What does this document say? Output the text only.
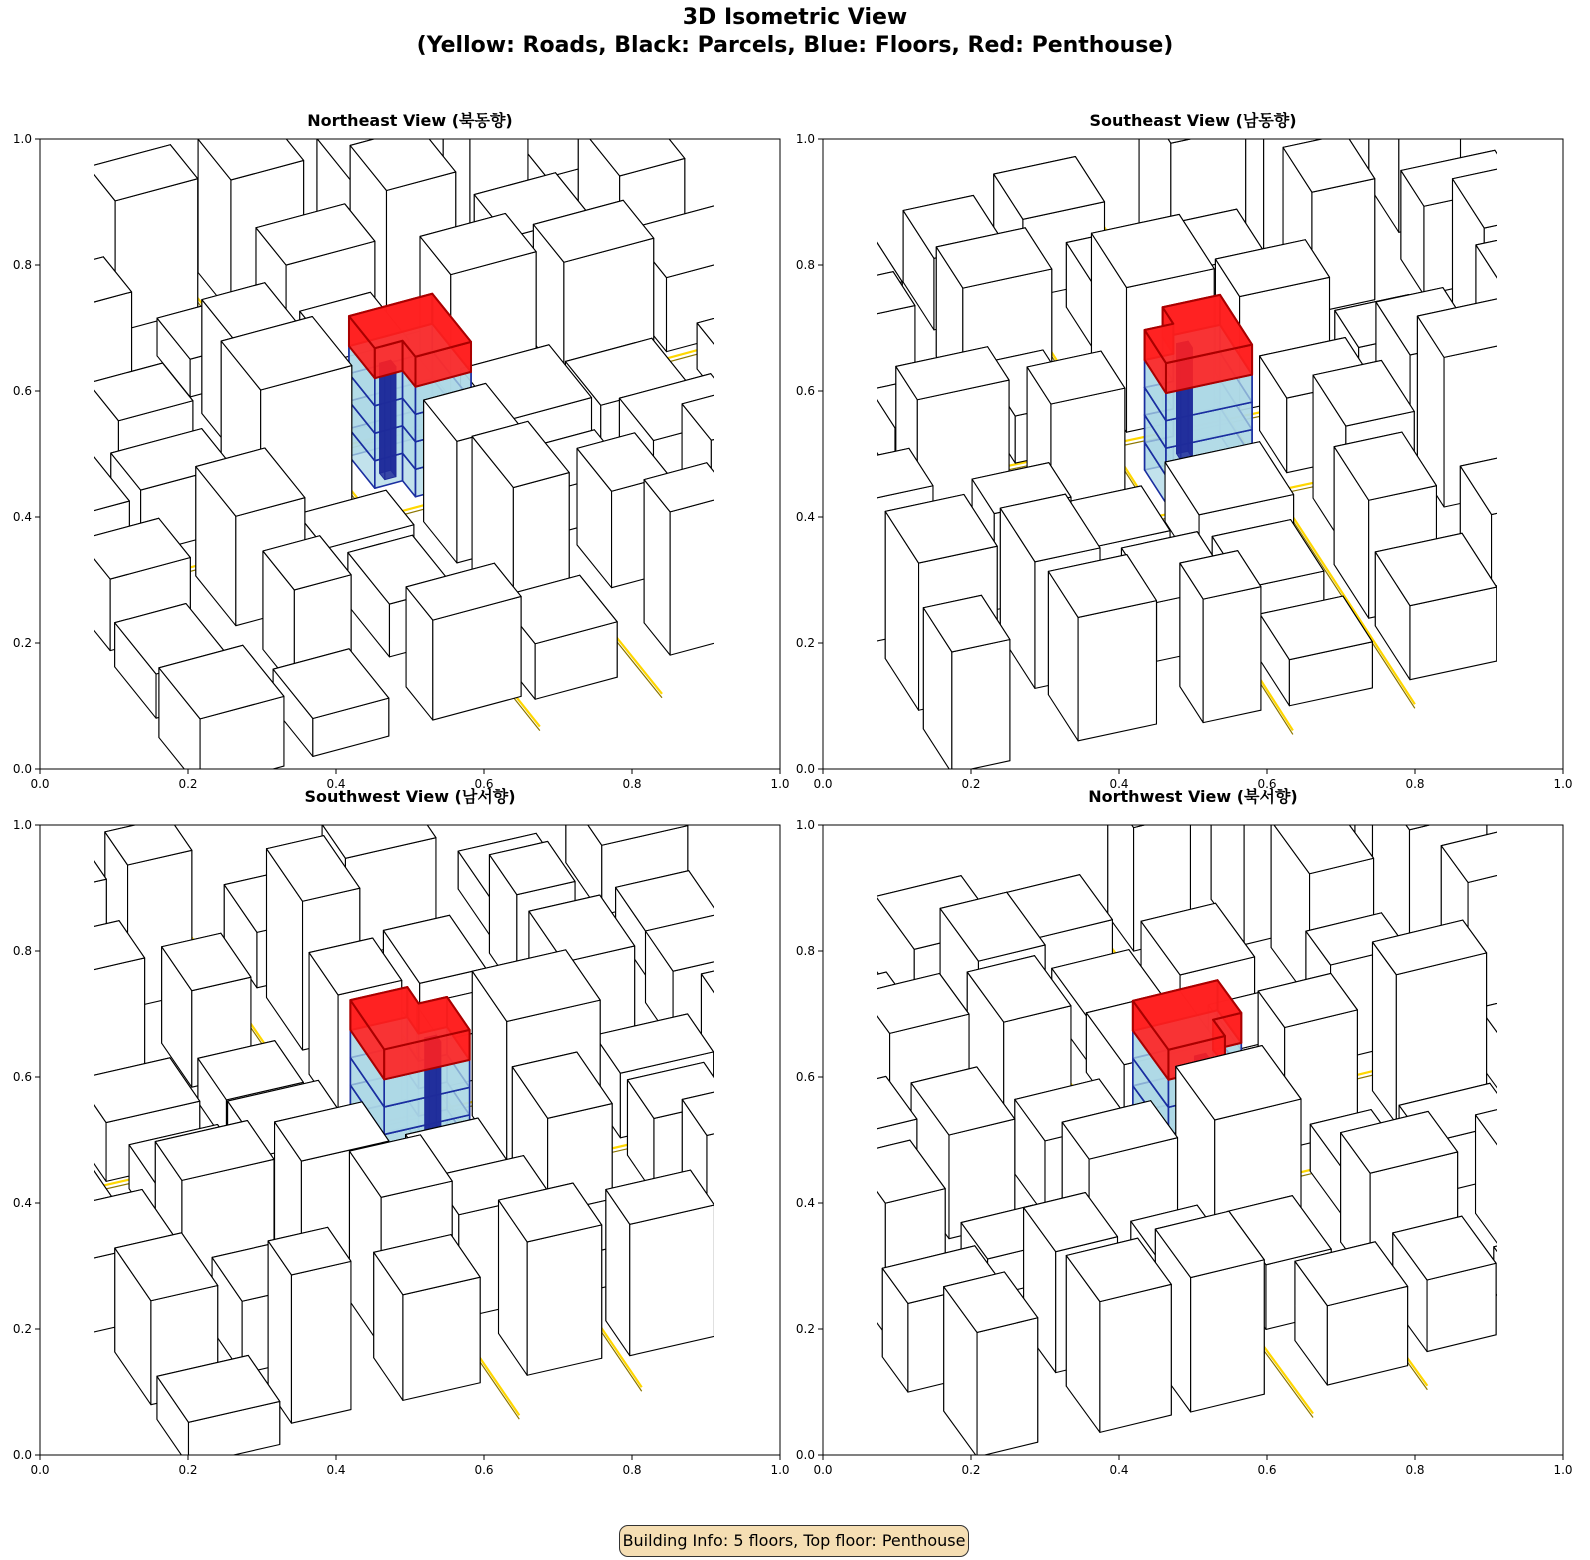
3D Isometric View
(Yellow: Roads, Black: Parcels, Blue: Floors, Red: Penthouse)
Northeast View (북동향)	Southeast View (남동향)
Southwest View (남서향)	Northwest View (북서향)
0.0	0.2	0.4	0.6	0.8	1.0
0.0
0.2
0.4
0.6
0.8
1.0
0.0	0.2	0.4	0.6	0.8	1.0
0.0
0.2
0.4
0.6
0.8
1.0
0.0	0.2	0.4	0.6	0.8	1.0
0.0
0.2
0.4
0.6
0.8
1.0
0.0	0.2	0.4	0.6	0.8	1.0
0.0
0.2
0.4
0.6
0.8
1.0
Building Info: 5 floors, Top floor: Penthouse
